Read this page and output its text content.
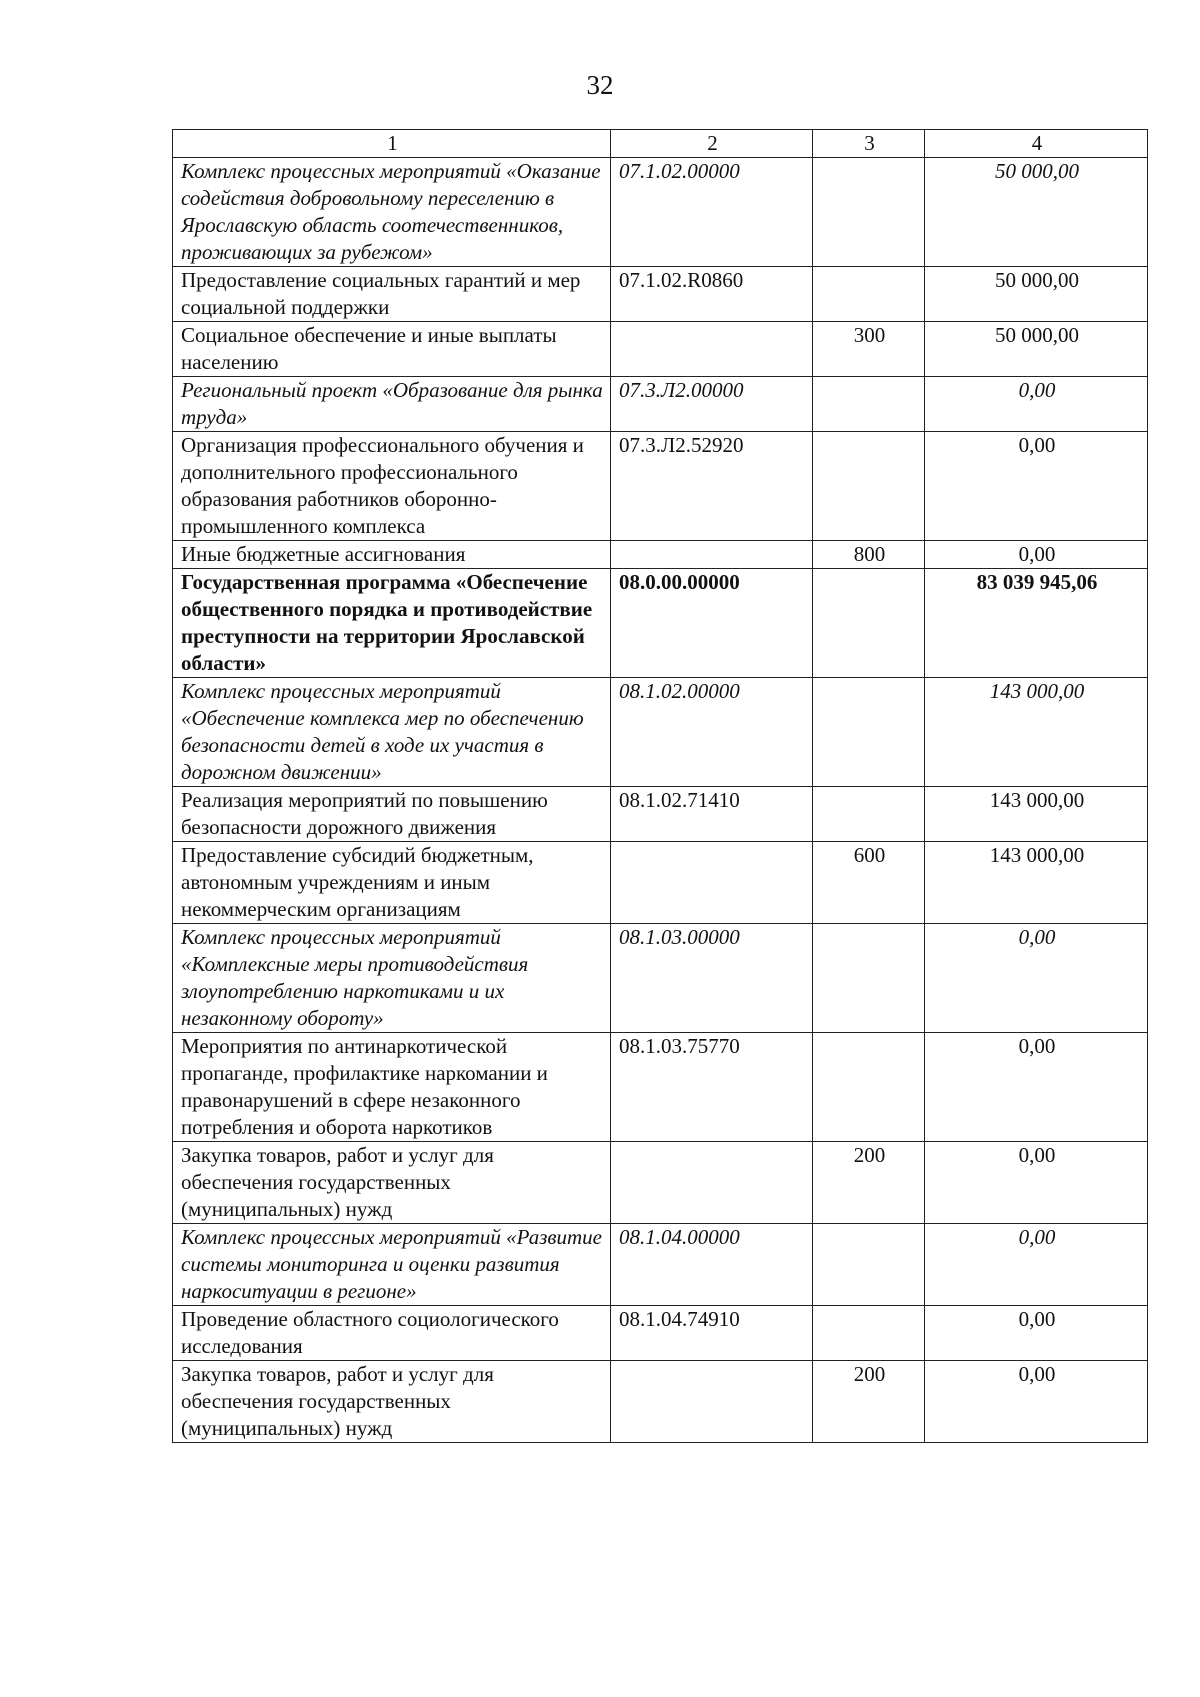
32
1	2	3	4
Комплекс процессных мероприятий «Оказание содействия добровольному переселению в Ярославскую область соотечественников, проживающих за рубежом»	07.1.02.00000		50 000,00
Предоставление социальных гарантий и мер социальной поддержки	07.1.02.R0860		50 000,00
Социальное обеспечение и иные выплаты населению		300	50 000,00
Региональный проект «Образование для рынка труда»	07.3.Л2.00000		0,00
Организация профессионального обучения и дополнительного профессионального образования работников оборонно-промышленного комплекса	07.3.Л2.52920		0,00
Иные бюджетные ассигнования		800	0,00
Государственная программа «Обеспечение общественного порядка и противодействие преступности на территории Ярославской области»	08.0.00.00000		83 039 945,06
Комплекс процессных мероприятий «Обеспечение комплекса мер по обеспечению безопасности детей в ходе их участия в дорожном движении»	08.1.02.00000		143 000,00
Реализация мероприятий по повышению безопасности дорожного движения	08.1.02.71410		143 000,00
Предоставление субсидий бюджетным, автономным учреждениям и иным некоммерческим организациям		600	143 000,00
Комплекс процессных мероприятий «Комплексные меры противодействия злоупотреблению наркотиками и их незаконному обороту»	08.1.03.00000		0,00
Мероприятия по антинаркотической пропаганде, профилактике наркомании и правонарушений в сфере незаконного потребления и оборота наркотиков	08.1.03.75770		0,00
Закупка товаров, работ и услуг для обеспечения государственных (муниципальных) нужд		200	0,00
Комплекс процессных мероприятий «Развитие системы мониторинга и оценки развития наркоситуации в регионе»	08.1.04.00000		0,00
Проведение областного социологического исследования	08.1.04.74910		0,00
Закупка товаров, работ и услуг для обеспечения государственных (муниципальных) нужд		200	0,00
